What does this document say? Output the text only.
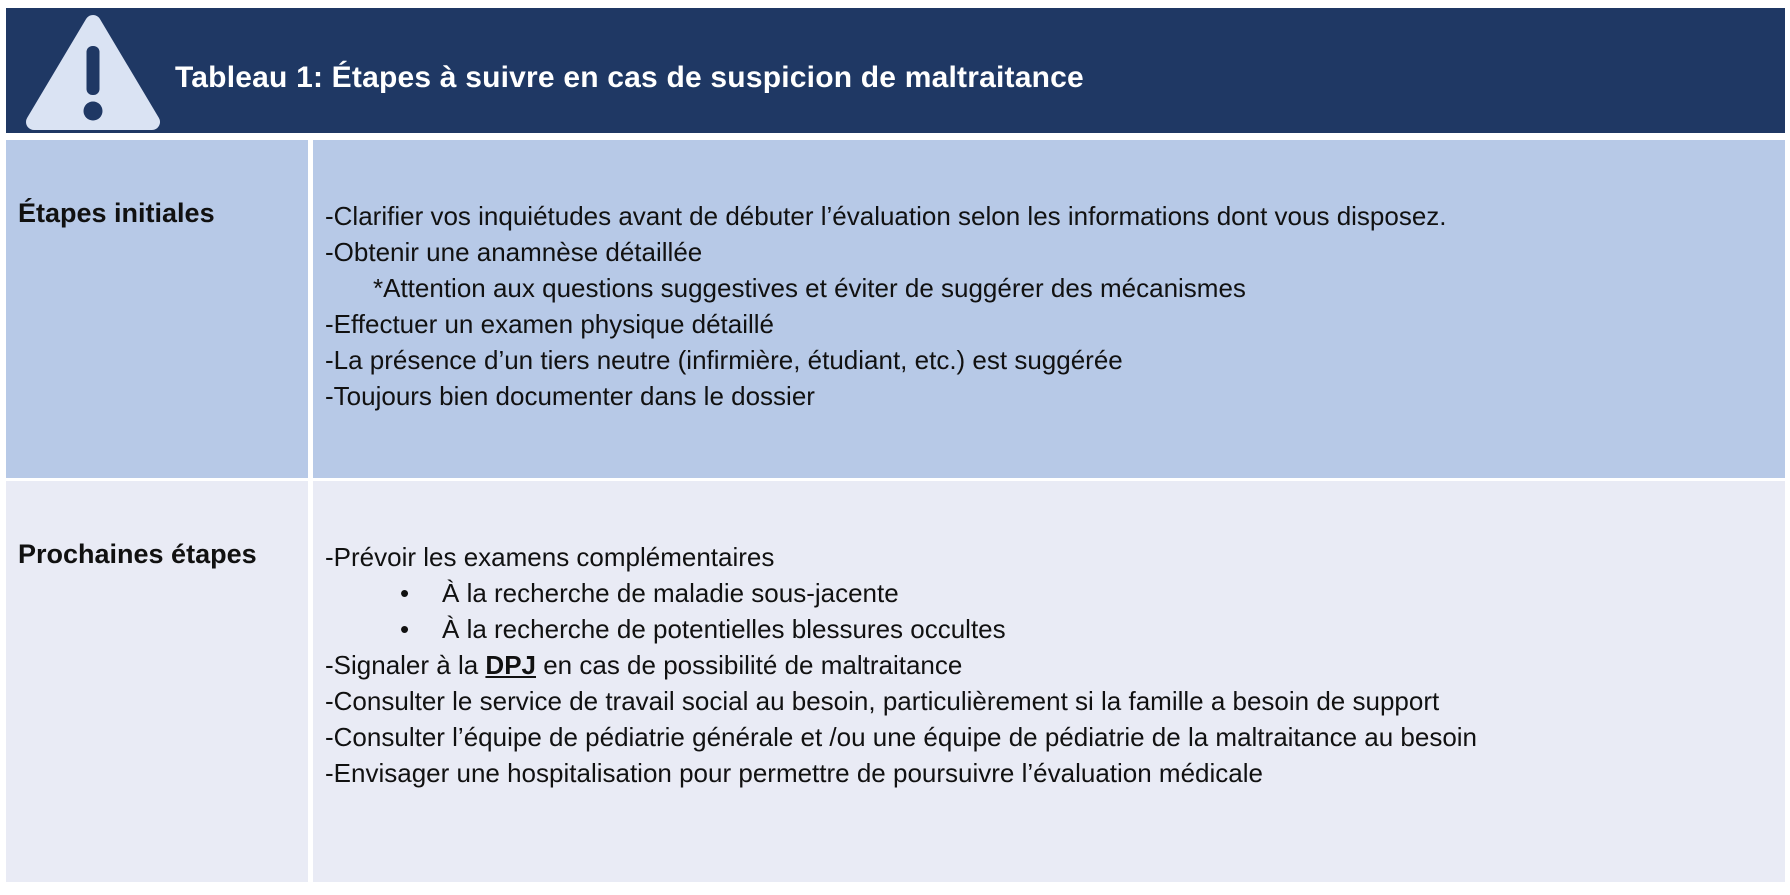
Tableau 1: Étapes à suivre en cas de suspicion de maltraitance
Étapes initiales	-Clarifier vos inquiétudes avant de débuter l’évaluation selon les informations dont vous disposez.
-Obtenir une anamnèse détaillée
*Attention aux questions suggestives et éviter de suggérer des mécanismes
-Effectuer un examen physique détaillé
-La présence d’un tiers neutre (infirmière, étudiant, etc.) est suggérée
-Toujours bien documenter dans le dossier
Prochaines étapes	-Prévoir les examens complémentaires
• À la recherche de maladie sous-jacente
• À la recherche de potentielles blessures occultes
-Signaler à la DPJ en cas de possibilité de maltraitance
-Consulter le service de travail social au besoin, particulièrement si la famille a besoin de support
-Consulter l’équipe de pédiatrie générale et /ou une équipe de pédiatrie de la maltraitance au besoin
-Envisager une hospitalisation pour permettre de poursuivre l’évaluation médicale
